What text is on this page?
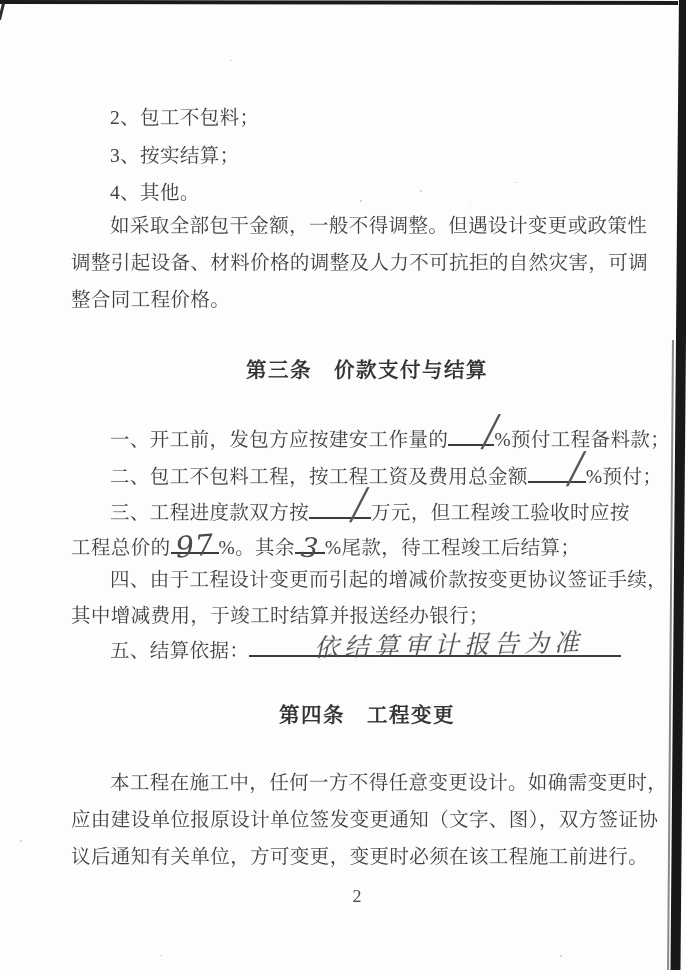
2、包工不包料；
3、按实结算；
4、其他。
如采取全部包干金额，一般不得调整。但遇设计变更或政策性
调整引起设备、材料价格的调整及人力不可抗拒的自然灾害，可调
整合同工程价格。
第三条　价款支付与结算
一、开工前，发包方应按建安工作量的	╱
%预付工程备料款；
二、包工不包料工程，按工程工资及费用总金额	╱ %预付；
三、工程进度款双方按	╱ 万元，但工程竣工验收时应按
工程总价的 97 %。其余 3 %尾款，待工程竣工后结算；
四、由于工程设计变更而引起的增减价款按变更协议签证手续，
其中增减费用，于竣工时结算并报送经办银行；
五、结算依据：	依结算审计报告为准
第四条　工程变更
本工程在施工中，任何一方不得任意变更设计。如确需变更时，
应由建设单位报原设计单位签发变更通知（文字、图），双方签证协
议后通知有关单位，方可变更，变更时必须在该工程施工前进行。
2
